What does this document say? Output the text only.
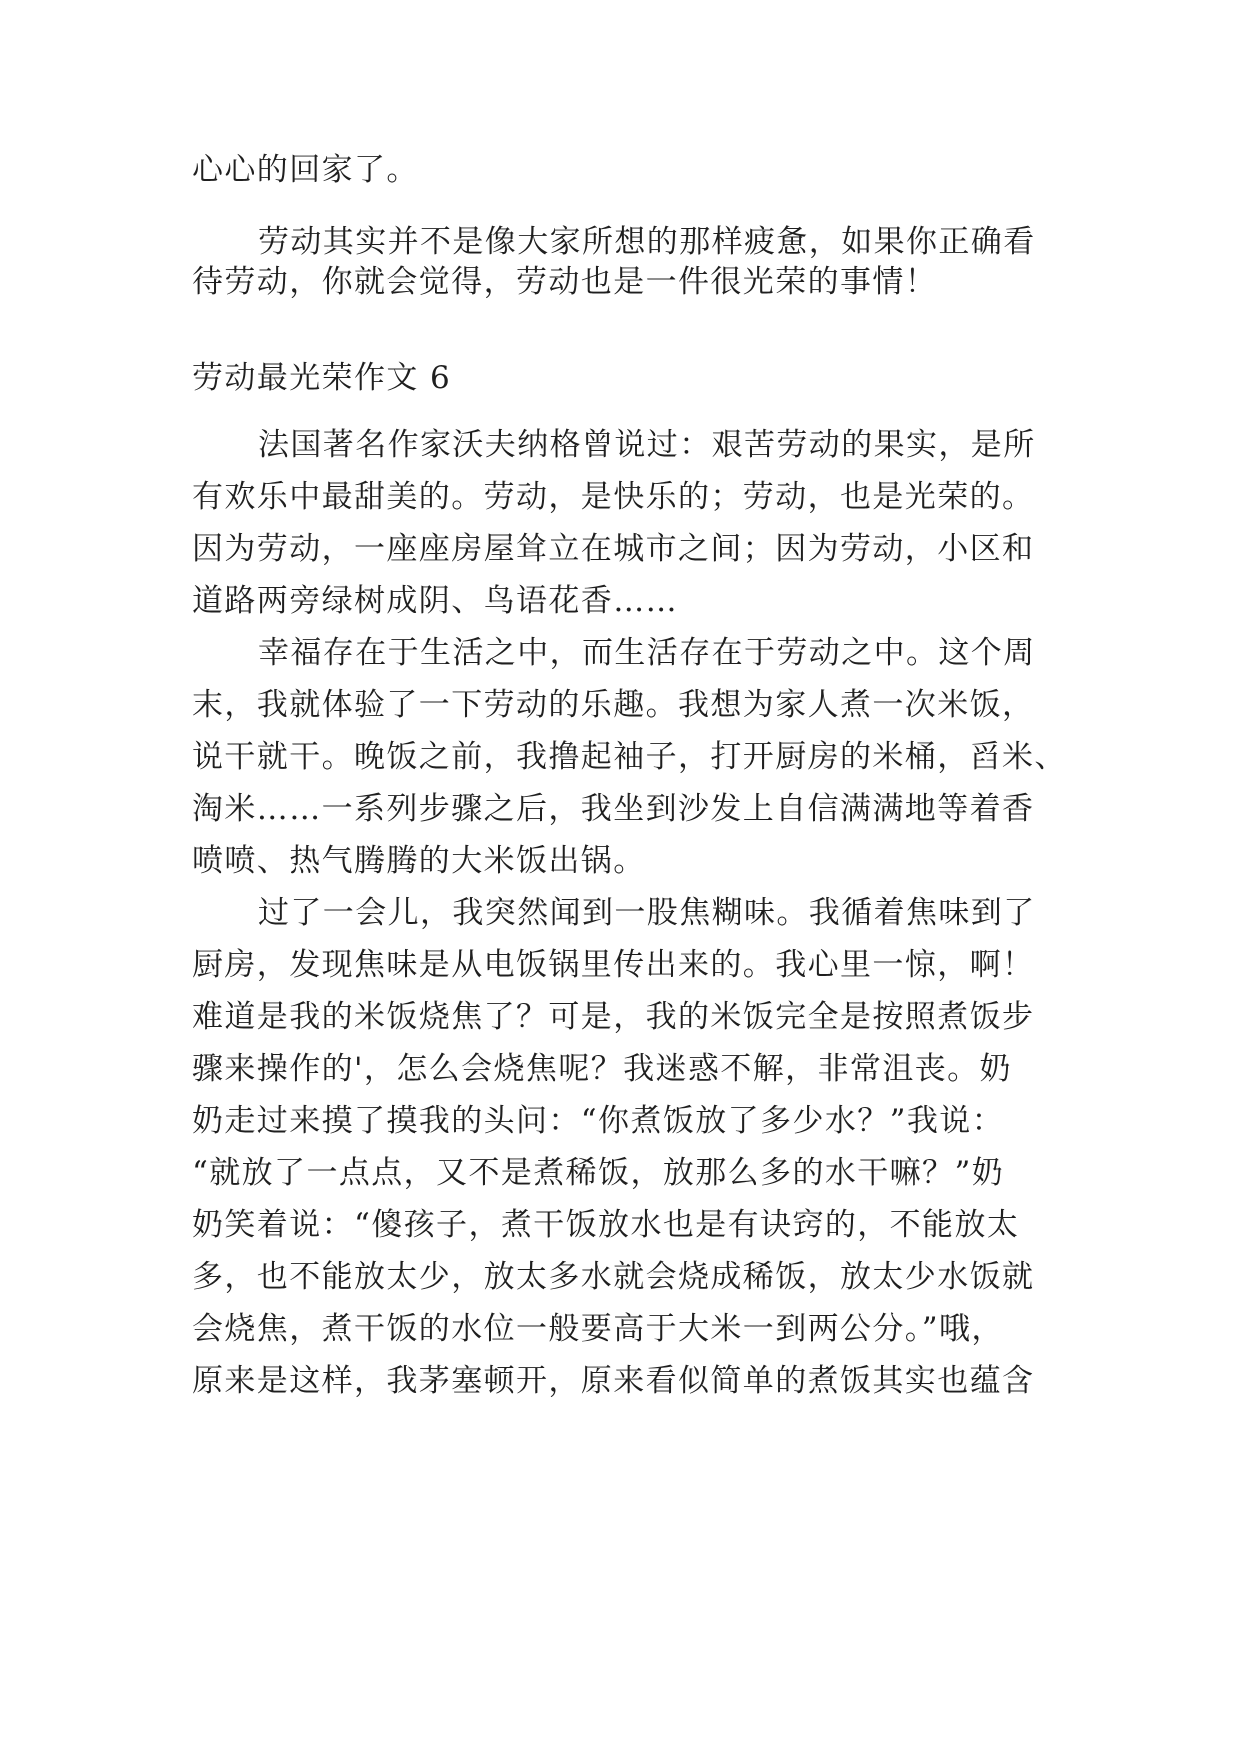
心心的回家了。
劳动其实并不是像大家所想的那样疲惫，如果你正确看
待劳动，你就会觉得，劳动也是一件很光荣的事情！
劳动最光荣作文 6
法国著名作家沃夫纳格曾说过：艰苦劳动的果实，是所
有欢乐中最甜美的。劳动，是快乐的；劳动，也是光荣的。
因为劳动，一座座房屋耸立在城市之间；因为劳动，小区和
道路两旁绿树成阴、鸟语花香……
幸福存在于生活之中，而生活存在于劳动之中。这个周
末，我就体验了一下劳动的乐趣。我想为家人煮一次米饭，
说干就干。晚饭之前，我撸起袖子，打开厨房的米桶，舀米、
淘米……一系列步骤之后，我坐到沙发上自信满满地等着香
喷喷、热气腾腾的大米饭出锅。
过了一会儿，我突然闻到一股焦糊味。我循着焦味到了
厨房，发现焦味是从电饭锅里传出来的。我心里一惊，啊！
难道是我的米饭烧焦了？可是，我的米饭完全是按照煮饭步
骤来操作的'，怎么会烧焦呢？我迷惑不解，非常沮丧。奶
奶走过来摸了摸我的头问：“你煮饭放了多少水？”我说：
“就放了一点点，又不是煮稀饭，放那么多的水干嘛？”奶
奶笑着说：“傻孩子，煮干饭放水也是有诀窍的，不能放太
多，也不能放太少，放太多水就会烧成稀饭，放太少水饭就
会烧焦，煮干饭的水位一般要高于大米一到两公分。”哦，
原来是这样，我茅塞顿开，原来看似简单的煮饭其实也蕴含
